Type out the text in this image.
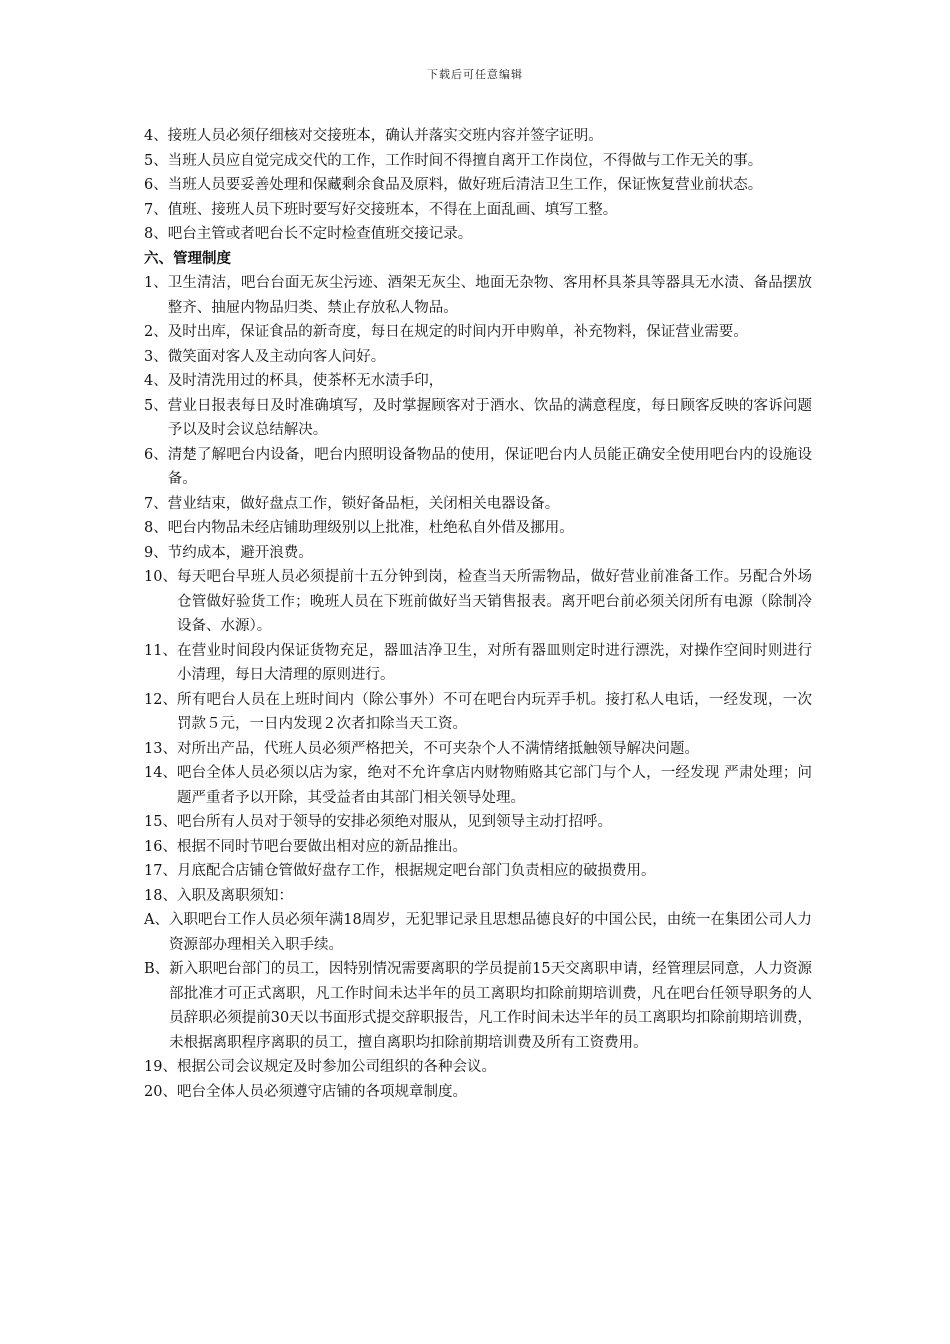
下载后可任意编辑
4、 接班人员必须仔细核对交接班本，确认并落实交班内容并签字证明。
5、 当班人员应自觉完成交代的工作，工作时间不得擅自离开工作岗位，不得做与工作无关的事。
6、 当班人员要妥善处理和保藏剩余食品及原料，做好班后清洁卫生工作，保证恢复营业前状态。
7、 值班、接班人员下班时要写好交接班本，不得在上面乱画、填写工整。
8、 吧台主管或者吧台长不定时检查值班交接记录。
六、管理制度
1、 卫生清洁，吧台台面无灰尘污迹、酒架无灰尘、地面无杂物、客用杯具茶具等器具无水渍、备品摆放整齐、抽屉内物品归类、禁止存放私人物品。
2、 及时出库，保证食品的新奇度，每日在规定的时间内开申购单，补充物料，保证营业需要。
3、 微笑面对客人及主动向客人问好。
4、 及时清洗用过的杯具，使茶杯无水渍手印，
5、 营业日报表每日及时准确填写，及时掌握顾客对于酒水、饮品的满意程度，每日顾客反映的客诉问题予以及时会议总结解决。
6、 清楚了解吧台内设备，吧台内照明设备物品的使用，保证吧台内人员能正确安全使用吧台内的设施设备。
7、 营业结束，做好盘点工作，锁好备品柜，关闭相关电器设备。
8、 吧台内物品未经店铺助理级别以上批准，杜绝私自外借及挪用。
9、 节约成本，避开浪费。
10、 每天吧台早班人员必须提前十五分钟到岗，检查当天所需物品，做好营业前准备工作。另配合外场仓管做好验货工作；晚班人员在下班前做好当天销售报表。离开吧台前必须关闭所有电源（除制冷设备、水源）。
11、 在营业时间段内保证货物充足，器皿洁净卫生，对所有器皿则定时进行漂洗，对操作空间时则进行小清理，每日大清理的原则进行。
12、 所有吧台人员在上班时间内（除公事外）不可在吧台内玩弄手机。接打私人电话，一经发现，一次罚款５元，一日内发现２次者扣除当天工资。
13、 对所出产品，代班人员必须严格把关，不可夹杂个人不满情绪抵触领导解决问题。
14、 吧台全体人员必须以店为家，绝对不允许拿店内财物贿赂其它部门与个人，一经发现 严肃处理；问题严重者予以开除，其受益者由其部门相关领导处理。
15、 吧台所有人员对于领导的安排必须绝对服从，见到领导主动打招呼。
16、 根据不同时节吧台要做出相对应的新品推出。
17、 月底配合店铺仓管做好盘存工作，根据规定吧台部门负责相应的破损费用。
18、 入职及离职须知：
A、 入职吧台工作人员必须年满18周岁，无犯罪记录且思想品德良好的中国公民，由统一在集团公司人力资源部办理相关入职手续。
B、 新入职吧台部门的员工，因特别情况需要离职的学员提前15天交离职申请，经管理层同意，人力资源部批准才可正式离职，凡工作时间未达半年的员工离职均扣除前期培训费，凡在吧台任领导职务的人员辞职必须提前30天以书面形式提交辞职报告，凡工作时间未达半年的员工离职均扣除前期培训费，未根据离职程序离职的员工，擅自离职均扣除前期培训费及所有工资费用。
19、 根据公司会议规定及时参加公司组织的各种会议。
20、 吧台全体人员必须遵守店铺的各项规章制度。
